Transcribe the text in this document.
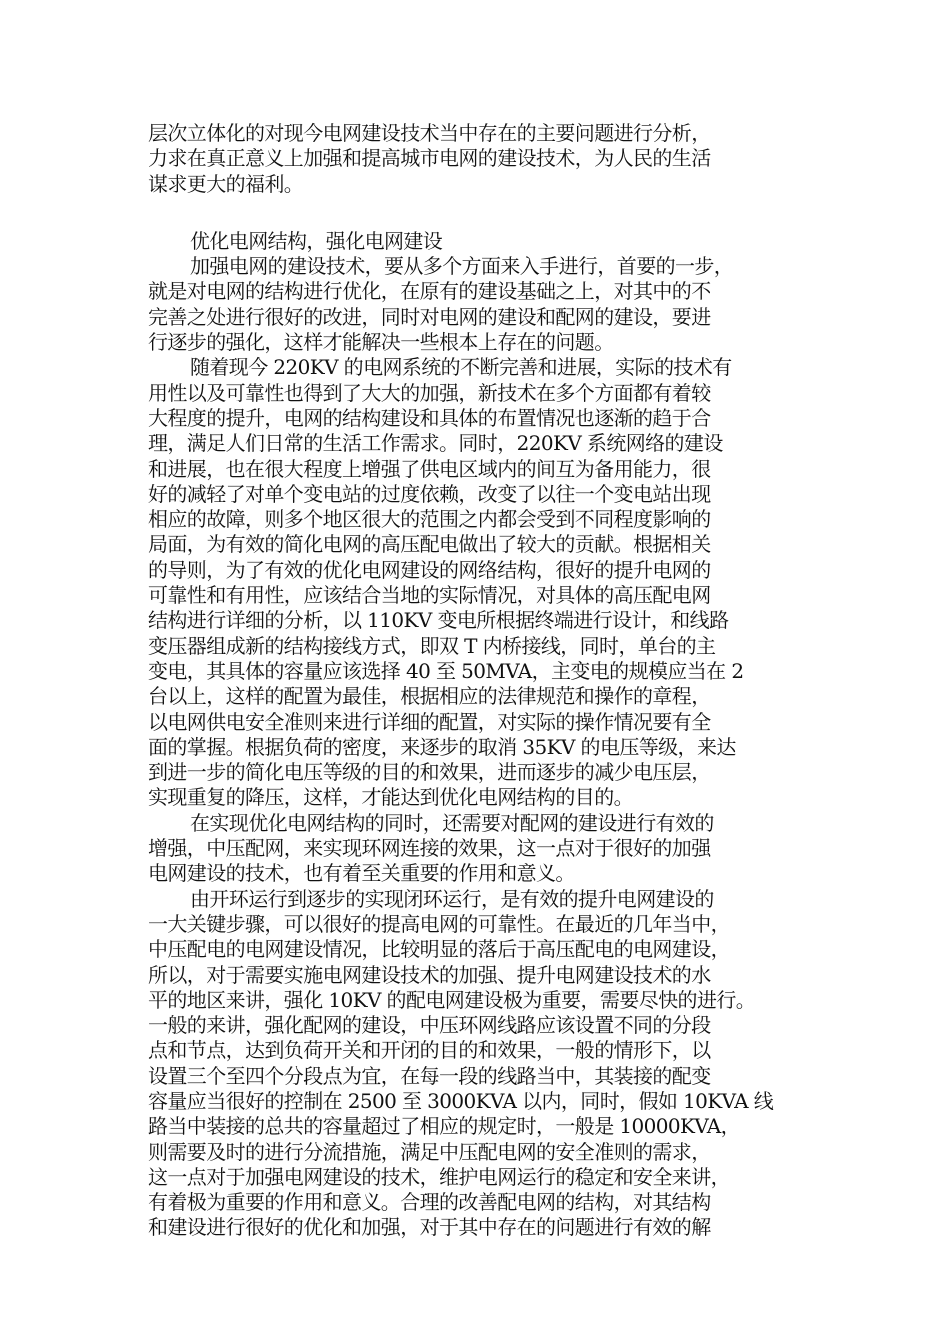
层次立体化的对现今电网建设技术当中存在的主要问题进行分析，
力求在真正意义上加强和提高城市电网的建设技术，为人民的生活
谋求更大的福利。
优化电网结构，强化电网建设
加强电网的建设技术，要从多个方面来入手进行，首要的一步，
就是对电网的结构进行优化，在原有的建设基础之上，对其中的不
完善之处进行很好的改进，同时对电网的建设和配网的建设，要进
行逐步的强化，这样才能解决一些根本上存在的问题。
随着现今 220KV 的电网系统的不断完善和进展，实际的技术有
用性以及可靠性也得到了大大的加强，新技术在多个方面都有着较
大程度的提升，电网的结构建设和具体的布置情况也逐渐的趋于合
理，满足人们日常的生活工作需求。同时，220KV 系统网络的建设
和进展，也在很大程度上增强了供电区域内的间互为备用能力，很
好的减轻了对单个变电站的过度依赖，改变了以往一个变电站出现
相应的故障，则多个地区很大的范围之内都会受到不同程度影响的
局面，为有效的简化电网的高压配电做出了较大的贡献。根据相关
的导则，为了有效的优化电网建设的网络结构，很好的提升电网的
可靠性和有用性，应该结合当地的实际情况，对具体的高压配电网
结构进行详细的分析，以 110KV 变电所根据终端进行设计，和线路
变压器组成新的结构接线方式，即双 T 内桥接线，同时，单台的主
变电，其具体的容量应该选择 40 至 50MVA，主变电的规模应当在 2
台以上，这样的配置为最佳，根据相应的法律规范和操作的章程，
以电网供电安全准则来进行详细的配置，对实际的操作情况要有全
面的掌握。根据负荷的密度，来逐步的取消 35KV 的电压等级，来达
到进一步的简化电压等级的目的和效果，进而逐步的减少电压层，
实现重复的降压，这样，才能达到优化电网结构的目的。
在实现优化电网结构的同时，还需要对配网的建设进行有效的
增强，中压配网，来实现环网连接的效果，这一点对于很好的加强
电网建设的技术，也有着至关重要的作用和意义。
由开环运行到逐步的实现闭环运行，是有效的提升电网建设的
一大关键步骤，可以很好的提高电网的可靠性。在最近的几年当中，
中压配电的电网建设情况，比较明显的落后于高压配电的电网建设，
所以，对于需要实施电网建设技术的加强、提升电网建设技术的水
平的地区来讲，强化 10KV 的配电网建设极为重要，需要尽快的进行。
一般的来讲，强化配网的建设，中压环网线路应该设置不同的分段
点和节点，达到负荷开关和开闭的目的和效果，一般的情形下，以
设置三个至四个分段点为宜，在每一段的线路当中，其装接的配变
容量应当很好的控制在 2500 至 3000KVA 以内，同时，假如 10KVA 线
路当中装接的总共的容量超过了相应的规定时，一般是 10000KVA，
则需要及时的进行分流措施，满足中压配电网的安全准则的需求，
这一点对于加强电网建设的技术，维护电网运行的稳定和安全来讲，
有着极为重要的作用和意义。合理的改善配电网的结构，对其结构
和建设进行很好的优化和加强，对于其中存在的问题进行有效的解
